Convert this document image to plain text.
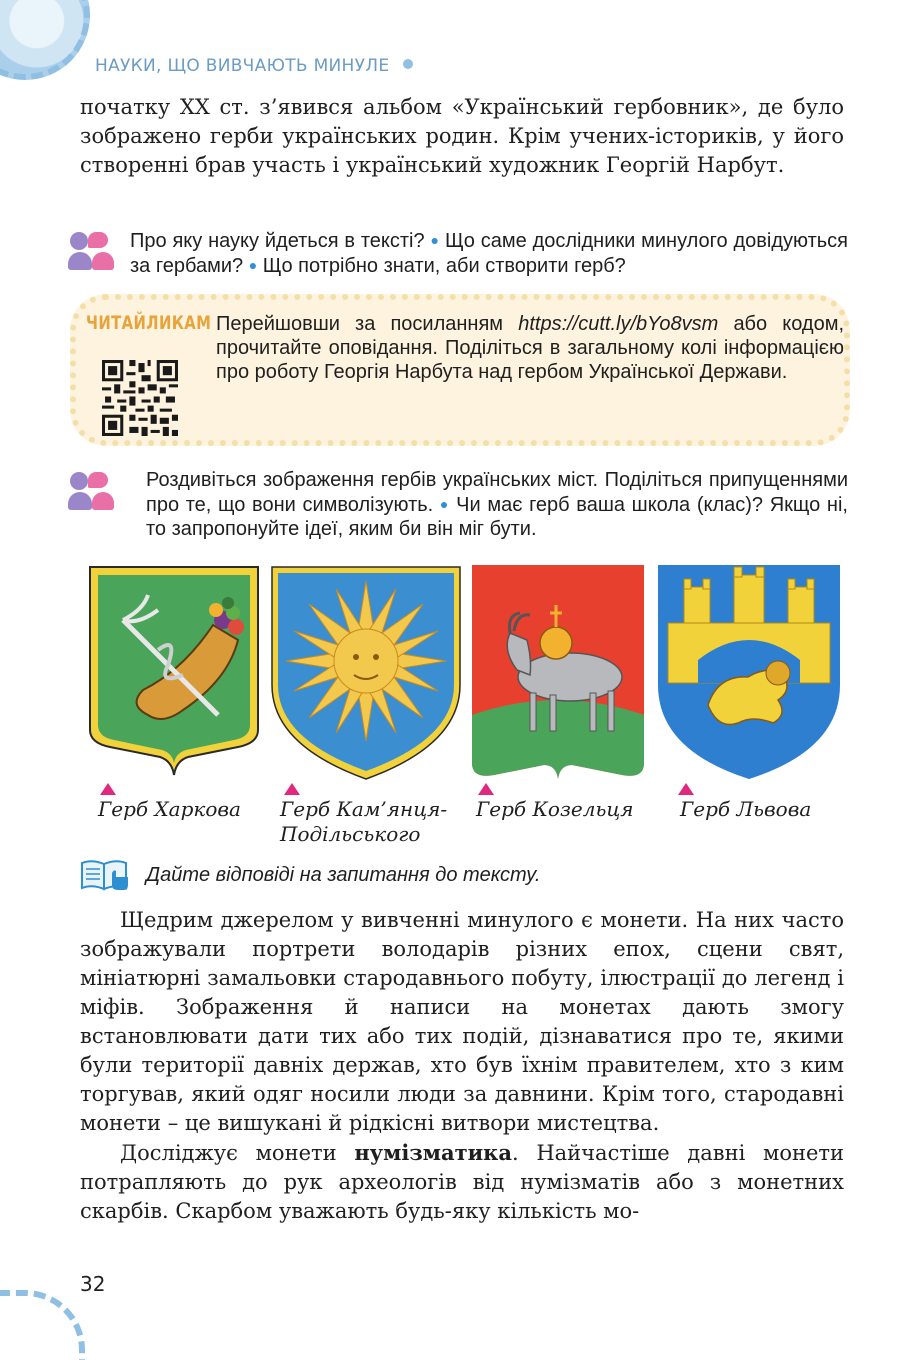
НАУКИ, ЩО ВИВЧАЮТЬ МИНУЛЕ

початку XX ст. з’явився альбом «Український гербовник», де було зображено герби українських родин. Крім учених-істориків, у його створенні брав участь і український художник Георгій Нарбут.

Про яку науку йдеться в тексті? ● Що саме дослідники минулого довідуються за гербами? ● Що потрібно знати, аби створити герб?
ЧИТАЙЛИКАМ Перейшовши за посиланням https://cutt.ly/bYo8vsm або кодом, прочитайте оповідання. Поділіться в загальному колі інформацією про роботу Георгія Нарбута над гербом Української Держави.
Роздивіться зображення гербів українських міст. Поділіться припущеннями про те, що вони символізують. ● Чи має герб ваша школа (клас)? Якщо ні, то запропонуйте ідеї, яким би він міг бути.
Герб Харкова Герб Кам’янця-
Подільського
Герб Козельця Герб Львова
Дайте відповіді на запитання до тексту.

Щедрим джерелом у вивченні минулого є монети. На них часто зображували портрети володарів різних епох, сцени свят, мініатюрні замальовки стародавнього побуту, ілюстрації до легенд і міфів. Зображення й написи на монетах дають змогу встановлювати дати тих або тих подій, дізнаватися про те, якими були території давніх держав, хто був їхнім правителем, хто з ким торгував, який одяг носили люди за давнини. Крім того, стародавні монети – це вишукані й рідкісні витвори мистецтва.

Досліджує монети нумізматика. Найчастіше давні монети потрапляють до рук археологів від нумізматів або з монетних скарбів. Скарбом уважають будь-яку кількість мо-

32
